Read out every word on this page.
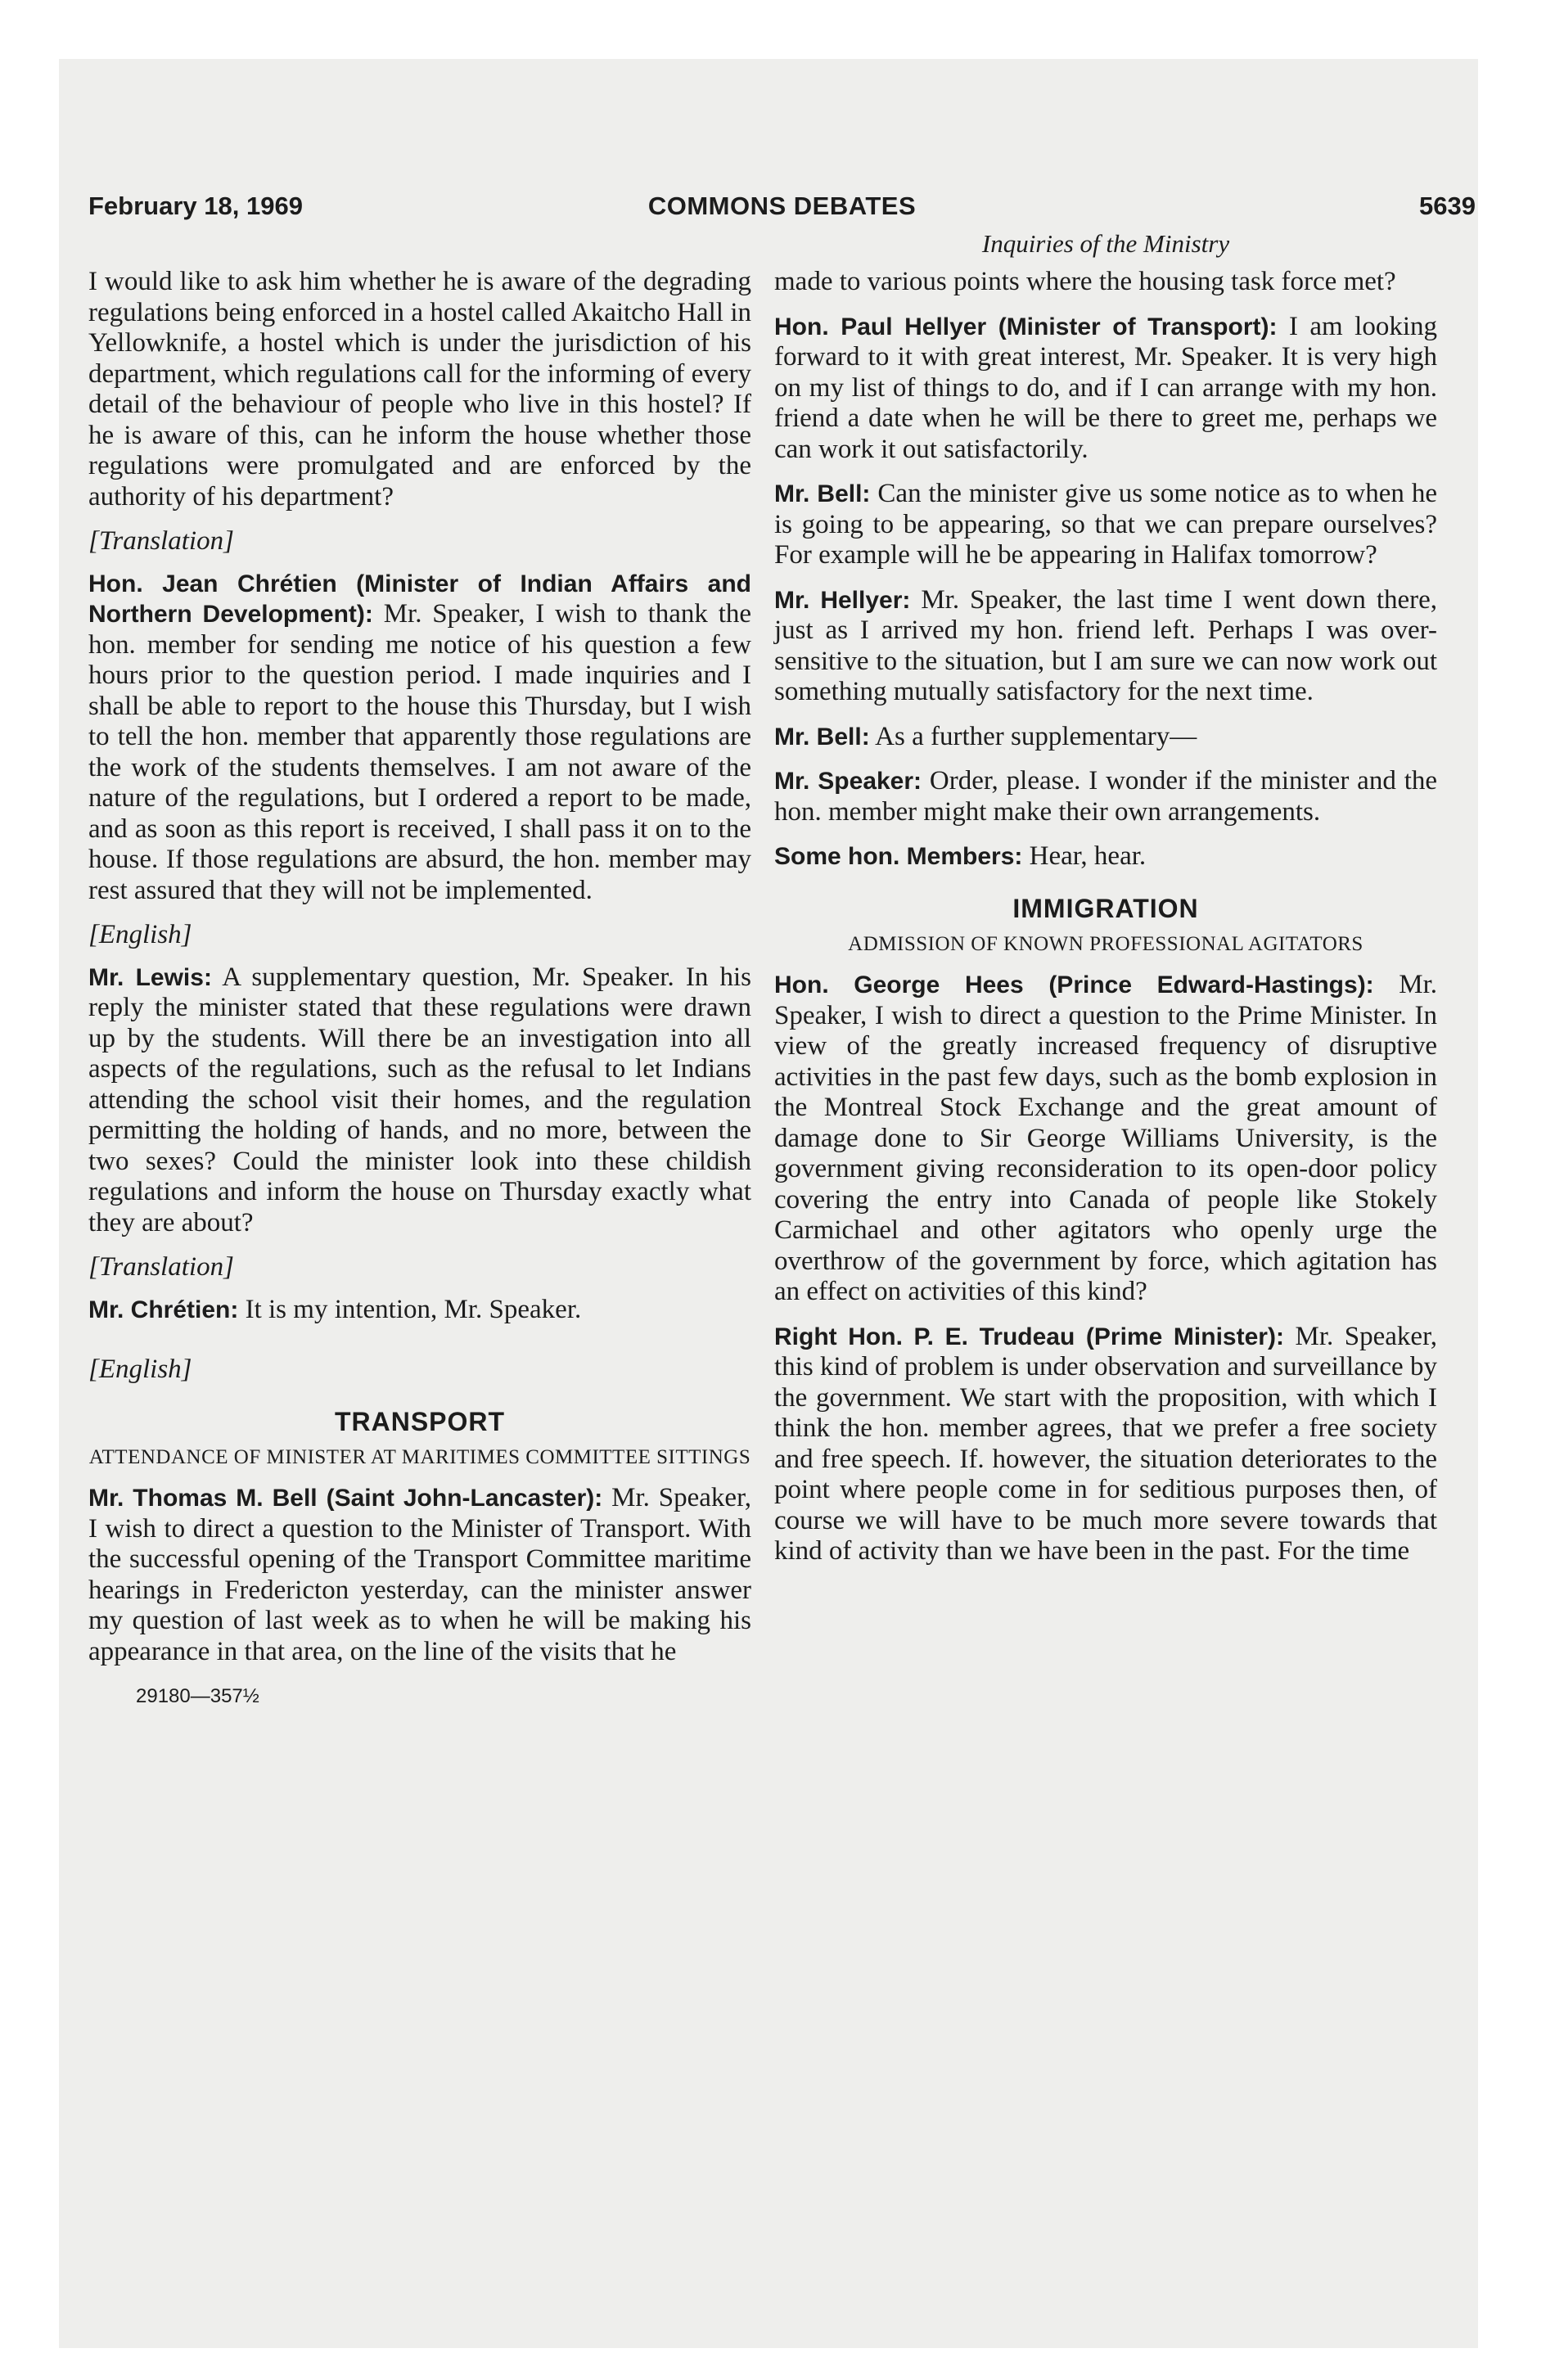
February 18, 1969	COMMONS DEBATES	5639
Inquiries of the Ministry

I would like to ask him whether he is aware of the degrading regulations being enforced in a hostel called Akaitcho Hall in Yellowknife, a hostel which is under the jurisdiction of his department, which regulations call for the informing of every detail of the behaviour of people who live in this hostel? If he is aware of this, can he inform the house whether those regulations were promulgated and are enforced by the authority of his department?

[Translation]

Hon. Jean Chrétien (Minister of Indian Affairs and Northern Development): Mr. Speaker, I wish to thank the hon. member for sending me notice of his question a few hours prior to the question period. I made inquiries and I shall be able to report to the house this Thursday, but I wish to tell the hon. member that apparently those regulations are the work of the students themselves. I am not aware of the nature of the regulations, but I ordered a report to be made, and as soon as this report is received, I shall pass it on to the house. If those regulations are absurd, the hon. member may rest assured that they will not be implemented.

[English]

Mr. Lewis: A supplementary question, Mr. Speaker. In his reply the minister stated that these regulations were drawn up by the students. Will there be an investigation into all aspects of the regulations, such as the refusal to let Indians attending the school visit their homes, and the regulation permitting the holding of hands, and no more, between the two sexes? Could the minister look into these childish regulations and inform the house on Thursday exactly what they are about?

[Translation]

Mr. Chrétien: It is my intention, Mr. Speaker.

[English]

TRANSPORT
ATTENDANCE OF MINISTER AT MARITIMES COMMITTEE SITTINGS

Mr. Thomas M. Bell (Saint John-Lancaster): Mr. Speaker, I wish to direct a question to the Minister of Transport. With the successful opening of the Transport Committee maritime hearings in Fredericton yesterday, can the minister answer my question of last week as to when he will be making his appearance in that area, on the line of the visits that he

29180—357½

made to various points where the housing task force met?

Hon. Paul Hellyer (Minister of Transport): I am looking forward to it with great interest, Mr. Speaker. It is very high on my list of things to do, and if I can arrange with my hon. friend a date when he will be there to greet me, perhaps we can work it out satisfactorily.

Mr. Bell: Can the minister give us some notice as to when he is going to be appearing, so that we can prepare ourselves? For example will he be appearing in Halifax tomorrow?

Mr. Hellyer: Mr. Speaker, the last time I went down there, just as I arrived my hon. friend left. Perhaps I was over-sensitive to the situation, but I am sure we can now work out something mutually satisfactory for the next time.

Mr. Bell: As a further supplementary—

Mr. Speaker: Order, please. I wonder if the minister and the hon. member might make their own arrangements.

Some hon. Members: Hear, hear.

IMMIGRATION
ADMISSION OF KNOWN PROFESSIONAL AGITATORS

Hon. George Hees (Prince Edward-Hastings): Mr. Speaker, I wish to direct a question to the Prime Minister. In view of the greatly increased frequency of disruptive activities in the past few days, such as the bomb explosion in the Montreal Stock Exchange and the great amount of damage done to Sir George Williams University, is the government giving reconsideration to its open-door policy covering the entry into Canada of people like Stokely Carmichael and other agitators who openly urge the overthrow of the government by force, which agitation has an effect on activities of this kind?

Right Hon. P. E. Trudeau (Prime Minister): Mr. Speaker, this kind of problem is under observation and surveillance by the government. We start with the proposition, with which I think the hon. member agrees, that we prefer a free society and free speech. If. however, the situation deteriorates to the point where people come in for seditious purposes then, of course we will have to be much more severe towards that kind of activity than we have been in the past. For the time
